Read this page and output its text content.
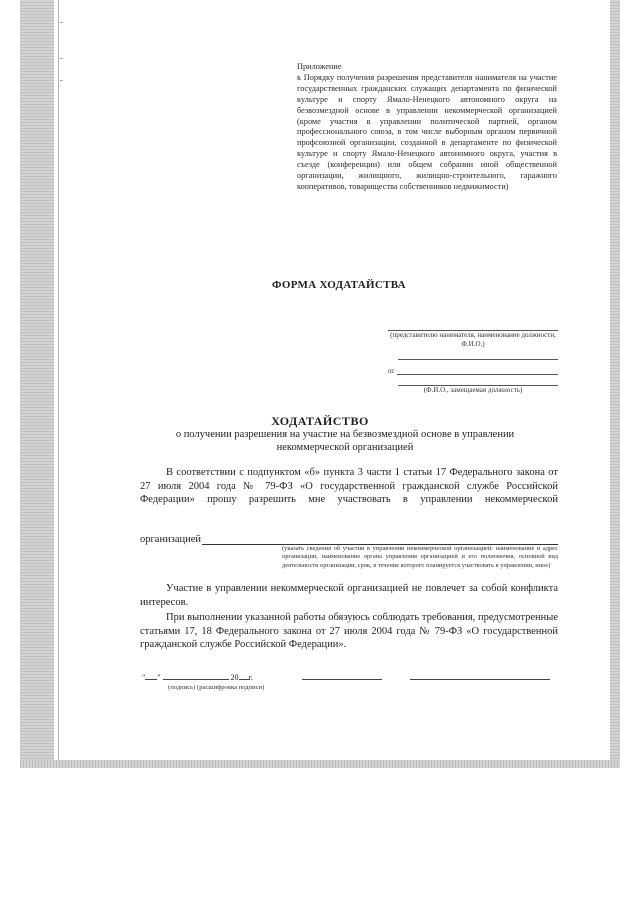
Приложение
к Порядку получения разрешения представителя нанимателя на участие государственных гражданских служащих департамента по физической культуре и спорту Ямало-Ненецкого автономного округа на безвозмездной основе в управлении некоммерческой организацией (кроме участия в управлении политической партией, органом профессионального союза, в том числе выборным органом первичной профсоюзной организации, созданной в департаменте по физической культуре и спорту Ямало-Ненецкого автономного округа, участия в съезде (конференции) или общем собрании иной общественной организации, жилищного, жилищно-строительного, гаражного кооперативов, товарищества собственников недвижимости)
ФОРМА ХОДАТАЙСТВА
(представителю нанимателя, наименование должности, Ф.И.О.)
от
(Ф.И.О., замещаемая должность)
ХОДАТАЙСТВО
о получении разрешения на участие на безвозмездной основе в управлении некоммерческой организацией
В соответствии с подпунктом «б» пункта 3 части 1 статьи 17 Федерального закона от 27 июля 2004 года № 79-ФЗ «О государственной гражданской службе Российской Федерации» прошу разрешить мне участвовать в управлении некоммерческой
организацией
(указать сведения об участии в управлении некоммерческой организацией: наименование и адрес организации, наименование органа управления организацией и его полномочия, основной вид деятельности организации, срок, в течение которого планируется участвовать в управлении, иное)
Участие в управлении некоммерческой организацией не повлечет за собой конфликта интересов.
При выполнении указанной работы обязуюсь соблюдать требования, предусмотренные статьями 17, 18 Федерального закона от 27 июля 2004 года № 79-ФЗ «О государственной гражданской службе Российской Федерации».
" "	20 г.
(подпись) (расшифровка подписи)
